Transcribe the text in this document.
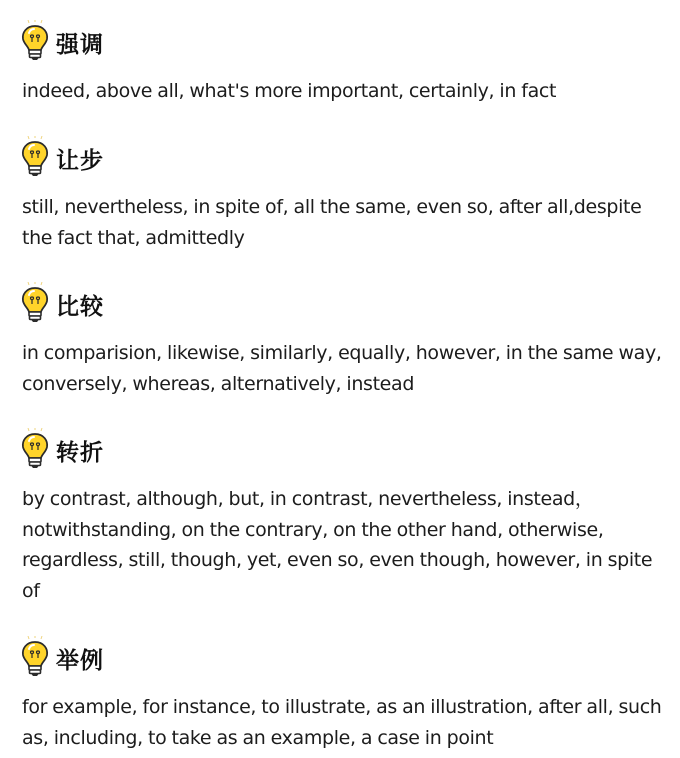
强调

indeed, above all, what's more important, certainly, in fact

让步

still, nevertheless, in spite of, all the same, even so, after all,despite the fact that, admittedly

比较

in comparision, likewise, similarly, equally, however, in the same way, conversely, whereas, alternatively, instead

转折

by contrast, although, but, in contrast, nevertheless, instead，notwithstanding, on the contrary, on the other hand, otherwise, regardless, still, though, yet, even so, even though, however, in spite of

举例

for example, for instance, to illustrate, as an illustration, after all, such as, including, to take as an example, a case in point
